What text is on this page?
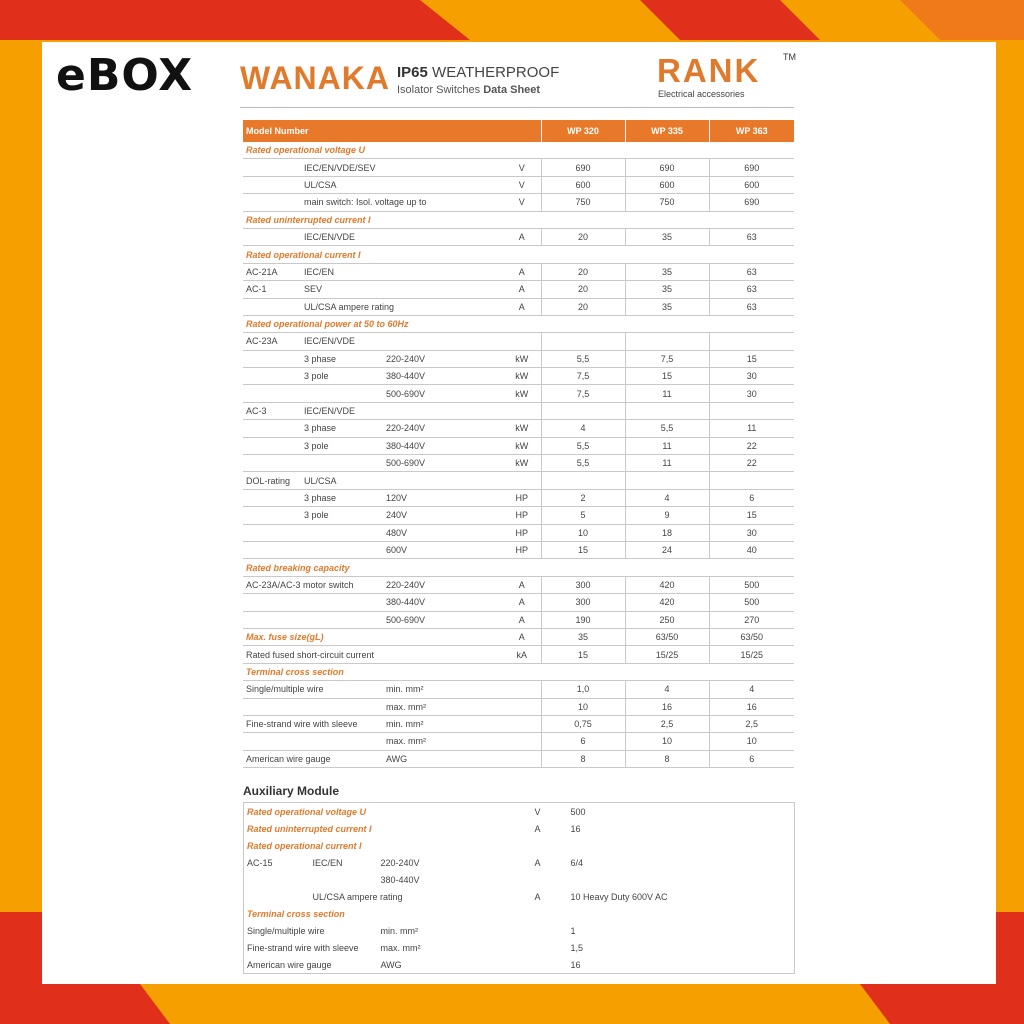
eBOX WANAKA IP65 WEATHERPROOF
Isolator Switches Data Sheet
RANK	TM
Electrical accessories
Model Number				WP 320	WP 335	WP 363
Rated operational voltage U						
	IEC/EN/VDE/SEV		V	690	690	690
	UL/CSA		V	600	600	600
	main switch: Isol. voltage up to		V	750	750	690
Rated uninterrupted current I						
	IEC/EN/VDE		A	20	35	63
Rated operational current I						
AC-21A	IEC/EN		A	20	35	63
AC-1	SEV		A	20	35	63
	UL/CSA ampere rating		A	20	35	63
Rated operational power at 50 to 60Hz						
AC-23A	IEC/EN/VDE					
	3 phase	220-240V	kW	5,5	7,5	15
	3 pole	380-440V	kW	7,5	15	30
		500-690V	kW	7,5	11	30
AC-3	IEC/EN/VDE					
	3 phase	220-240V	kW	4	5,5	11
	3 pole	380-440V	kW	5,5	11	22
		500-690V	kW	5,5	11	22
DOL-rating	UL/CSA					
	3 phase	120V	HP	2	4	6
	3 pole	240V	HP	5	9	15
		480V	HP	10	18	30
		600V	HP	15	24	40
Rated breaking capacity						
AC-23A/AC-3 motor switch		220-240V	A	300	420	500
		380-440V	A	300	420	500
		500-690V	A	190	250	270
Max. fuse size(gL)			A	35	63/50	63/50
Rated fused short-circuit current			kA	15	15/25	15/25
Terminal cross section						
Single/multiple wire		min. mm²		1,0	4	4
		max. mm²		10	16	16
Fine-strand wire with sleeve		min. mm²		0,75	2,5	2,5
		max. mm²		6	10	10
American wire gauge		AWG		8	8	6
Auxiliary Module
Rated operational voltage U			V	500
Rated uninterrupted current I			A	16
Rated operational current I				
AC-15	IEC/EN	220-240V	A	6/4
		380-440V		
	UL/CSA ampere rating		A	10 Heavy Duty 600V AC
Terminal cross section				
Single/multiple wire		min. mm²		1
Fine-strand wire with sleeve		max. mm²		1,5
American wire gauge		AWG		16
